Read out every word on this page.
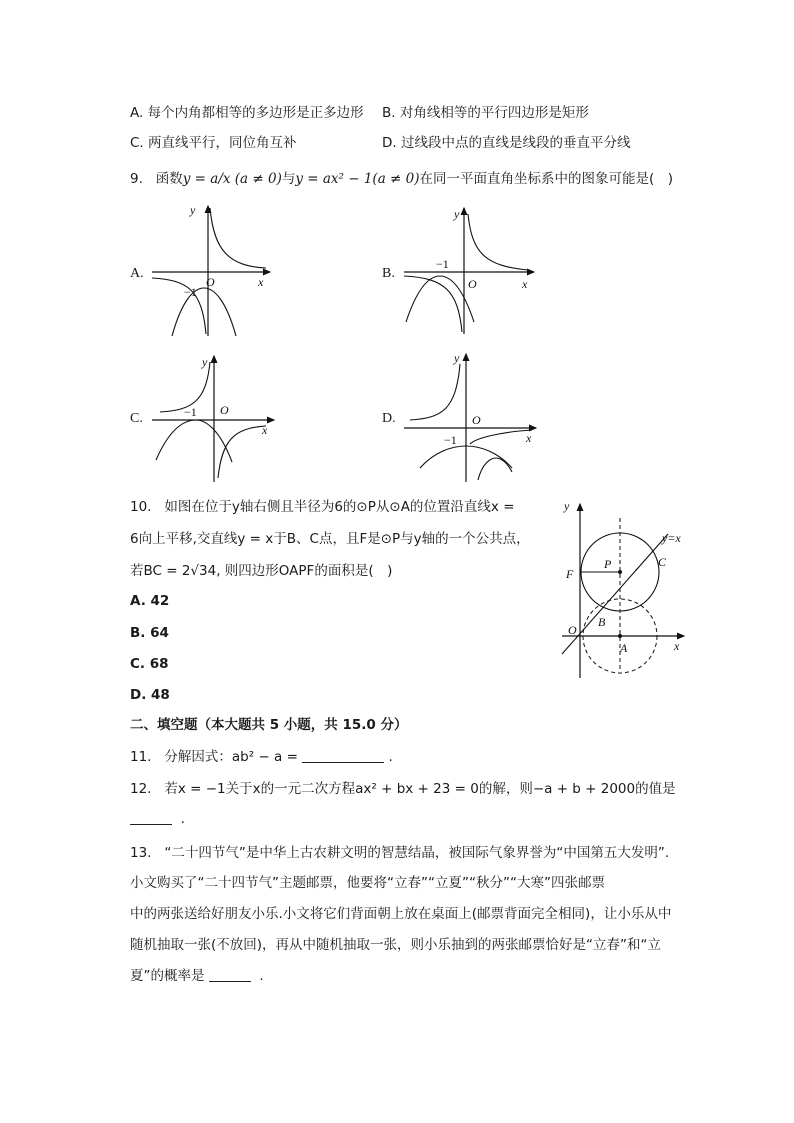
A. 每个内角都相等的多边形是正多边形 B. 对角线相等的平行四边形是矩形
C. 两直线平行，同位角互补	D. 过线段中点的直线是线段的垂直平分线
9. 函数y = a/x (a ≠ 0)与y = ax² − 1(a ≠ 0)在同一平面直角坐标系中的图象可能是(　)
A.	B.
C.	D.
y
x
O
−1
y
x
O
−1
y
x
O
−1
y
x
O
−1
10. 如图在位于y轴右侧且半径为6的⊙P从⊙A的位置沿直线x =
6向上平移,交直线y = x于B、C点，且F是⊙P与y轴的一个公共点，
若BC = 2√34, 则四边形OAPF的面积是(　)
A. 42
B. 64
C. 68
D. 48
y
x
O
F
P	C
B
A
y=x
二、填空题（本大题共 5 小题，共 15.0 分）
11. 分解因式：ab² − a =	.
12. 若x = −1关于x的一元二次方程ax² + bx + 23 = 0的解，则−a + b + 2000的值是
.
13. “二十四节气”是中华上古农耕文明的智慧结晶，被国际气象界誉为“中国第五大发明”.
小文购买了“二十四节气”主题邮票，他要将“立春”“立夏”“秋分”“大寒”四张邮票
中的两张送给好朋友小乐.小文将它们背面朝上放在桌面上(邮票背面完全相同)，让小乐从中
随机抽取一张(不放回)，再从中随机抽取一张，则小乐抽到的两张邮票恰好是“立春”和“立
夏”的概率是	.
